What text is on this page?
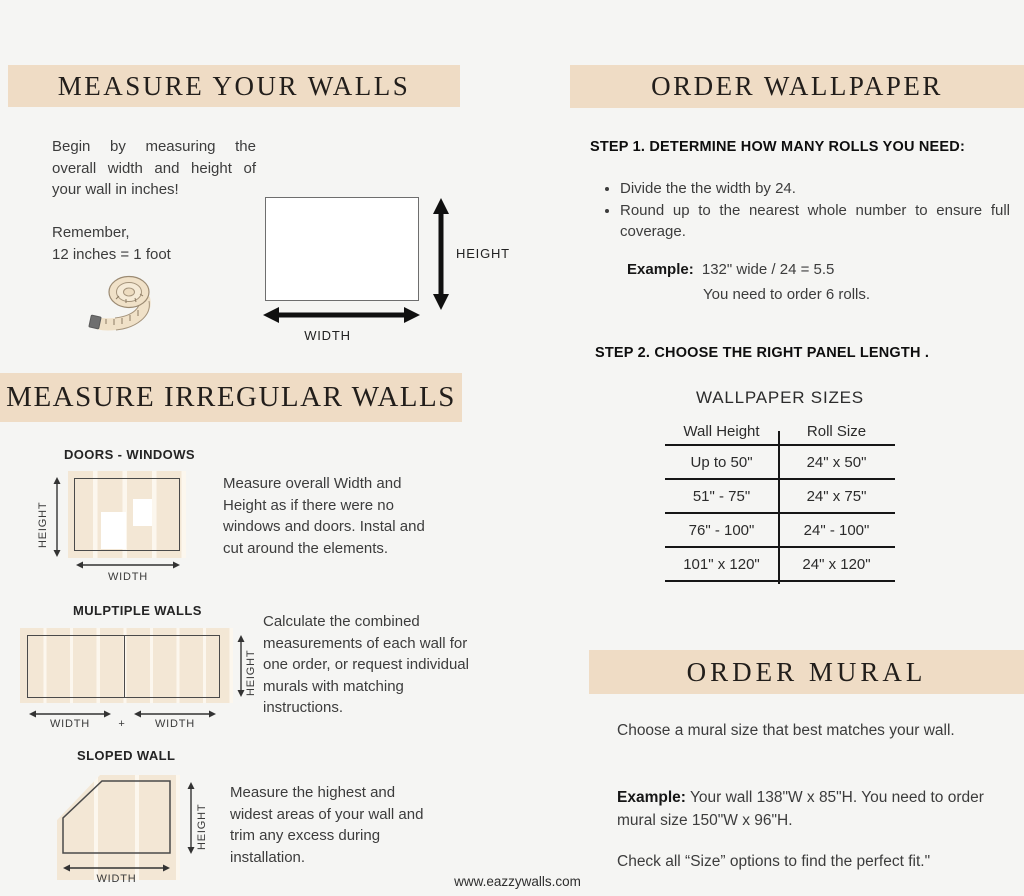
MEASURE YOUR WALLS
Begin by measuring the overall width and height of your wall in inches!
Remember,
12 inches = 1 foot	HEIGHT
WIDTH
MEASURE IRREGULAR WALLS
DOORS - WINDOWS
HEIGHT
WIDTH
Measure overall Width and Height as if there were no windows and doors. Instal and cut around the elements.
MULPTIPLE WALLS
WIDTH	+	WIDTH
HEIGHT
Calculate the combined measurements of each wall for one order, or request individual murals with matching instructions.
SLOPED WALL
HEIGHT
WIDTH
Measure the highest and widest areas of your wall and trim any excess during installation.
ORDER WALLPAPER
STEP 1. DETERMINE HOW MANY ROLLS YOU NEED:
• Divide the the width by 24.
• Round up to the nearest whole number to ensure full coverage.
Example: 132" wide / 24 = 5.5
You need to order 6 rolls.
STEP 2. CHOOSE THE RIGHT PANEL LENGTH .
WALLPAPER SIZES
Wall Height	Roll Size
Up to 50"	24" x 50"
51" - 75"	24" x 75"
76" - 100"	24" - 100"
101" x 120"	24" x 120"
ORDER MURAL
Choose a mural size that best matches your wall.
Example: Your wall 138"W x 85"H. You need to order mural size 150"W x 96"H.
Check all “Size” options to find the perfect fit."
www.eazzywalls.com
